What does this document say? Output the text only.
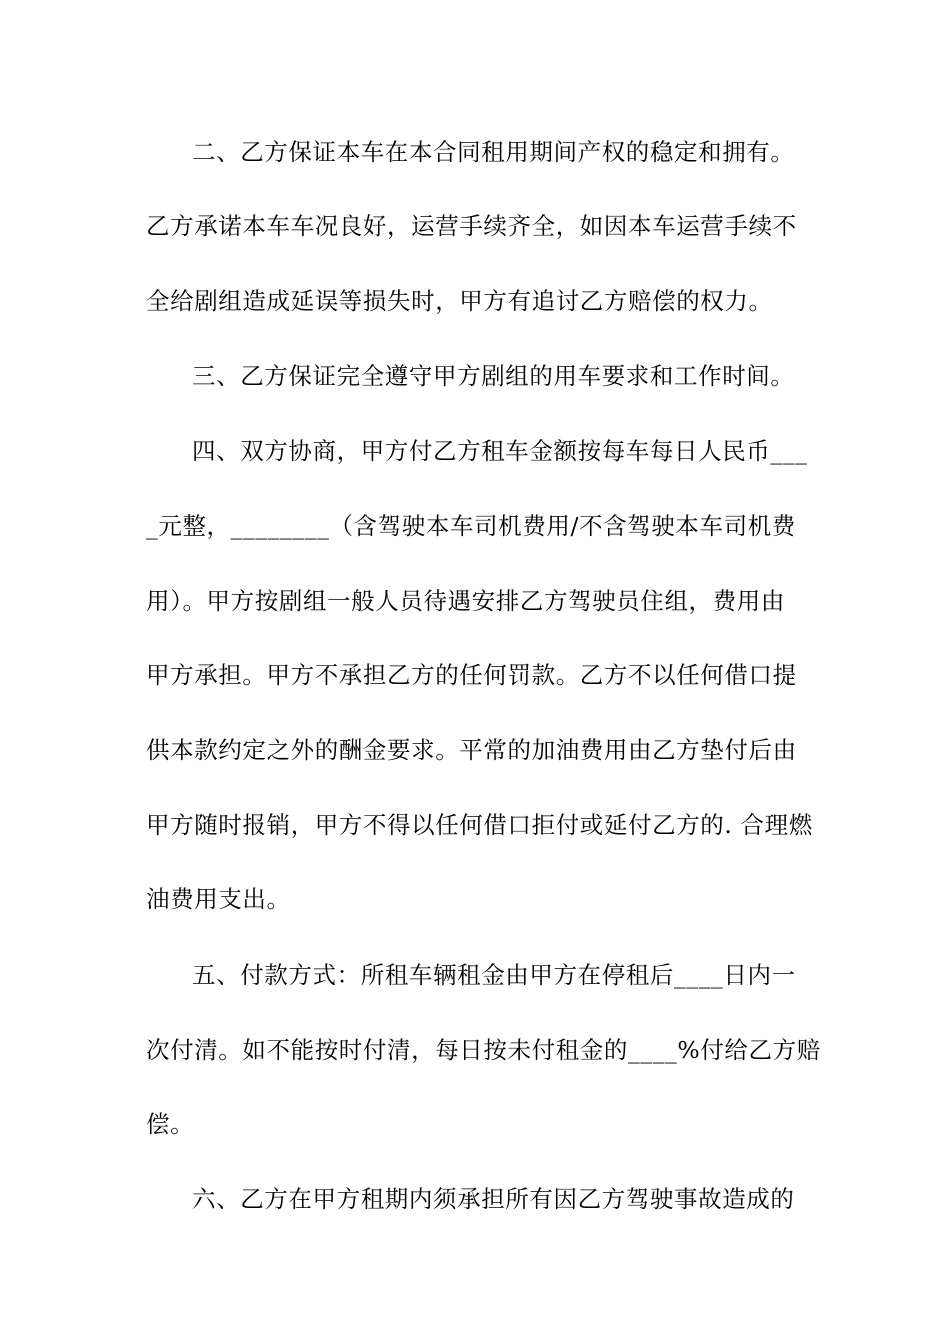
二、乙方保证本车在本合同租用期间产权的稳定和拥有。
乙方承诺本车车况良好，运营手续齐全，如因本车运营手续不
全给剧组造成延误等损失时，甲方有追讨乙方赔偿的权力。
三、乙方保证完全遵守甲方剧组的用车要求和工作时间。
四、双方协商，甲方付乙方租车金额按每车每日人民币___
_元整，________（含驾驶本车司机费用/不含驾驶本车司机费
用）。甲方按剧组一般人员待遇安排乙方驾驶员住组，费用由
甲方承担。甲方不承担乙方的任何罚款。乙方不以任何借口提
供本款约定之外的酬金要求。平常的加油费用由乙方垫付后由
甲方随时报销，甲方不得以任何借口拒付或延付乙方的. 合理燃
油费用支出。
五、付款方式：所租车辆租金由甲方在停租后____日内一
次付清。如不能按时付清，每日按未付租金的____%付给乙方赔
偿。
六、乙方在甲方租期内须承担所有因乙方驾驶事故造成的
